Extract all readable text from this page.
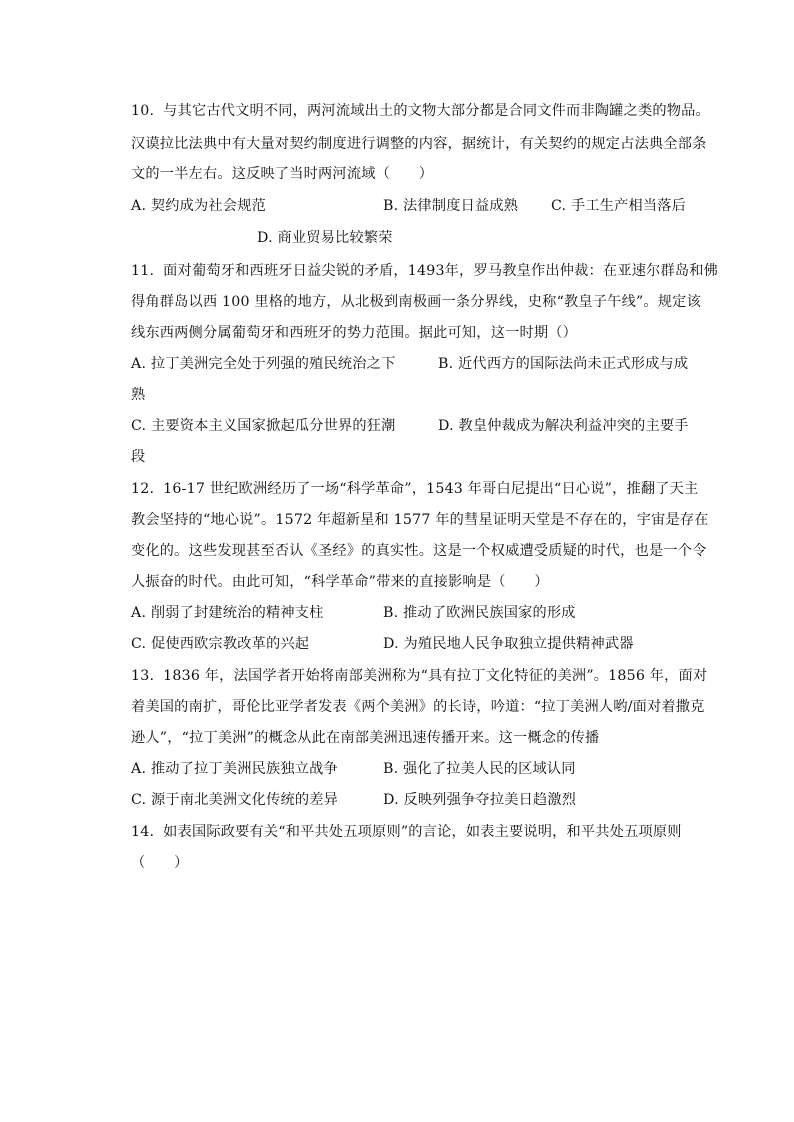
10. 与其它古代文明不同，两河流域出土的文物大部分都是合同文件而非陶罐之类的物品。
汉谟拉比法典中有大量对契约制度进行调整的内容，据统计，有关契约的规定占法典全部条
文的一半左右。这反映了当时两河流域（　　）
A. 契约成为社会规范	B. 法律制度日益成熟 C. 手工生产相当落后
D. 商业贸易比较繁荣
11. 面对葡萄牙和西班牙日益尖锐的矛盾，1493年，罗马教皇作出仲裁：在亚速尔群岛和佛
得角群岛以西 100 里格的地方，从北极到南极画一条分界线，史称“教皇子午线”。规定该
线东西两侧分属葡萄牙和西班牙的势力范围。据此可知，这一时期（）
A. 拉丁美洲完全处于列强的殖民统治之下	B. 近代西方的国际法尚未正式形成与成
熟
C. 主要资本主义国家掀起瓜分世界的狂潮	D. 教皇仲裁成为解决利益冲突的主要手
段
12. 16-17 世纪欧洲经历了一场“科学革命”，1543 年哥白尼提出“日心说”，推翻了天主
教会坚持的“地心说”。1572 年超新星和 1577 年的彗星证明天堂是不存在的，宇宙是存在
变化的。这些发现甚至否认《圣经》的真实性。这是一个权威遭受质疑的时代，也是一个令
人振奋的时代。由此可知，“科学革命”带来的直接影响是（　　）
A. 削弱了封建统治的精神支柱	B. 推动了欧洲民族国家的形成
C. 促使西欧宗教改革的兴起	D. 为殖民地人民争取独立提供精神武器
13. 1836 年，法国学者开始将南部美洲称为“具有拉丁文化特征的美洲”。1856 年，面对
着美国的南扩，哥伦比亚学者发表《两个美洲》的长诗，吟道：“拉丁美洲人哟/面对着撒克
逊人”，“拉丁美洲”的概念从此在南部美洲迅速传播开来。这一概念的传播
A. 推动了拉丁美洲民族独立战争	B. 强化了拉美人民的区域认同
C. 源于南北美洲文化传统的差异	D. 反映列强争夺拉美日趋激烈
14. 如表国际政要有关“和平共处五项原则”的言论，如表主要说明，和平共处五项原则
（　　）
